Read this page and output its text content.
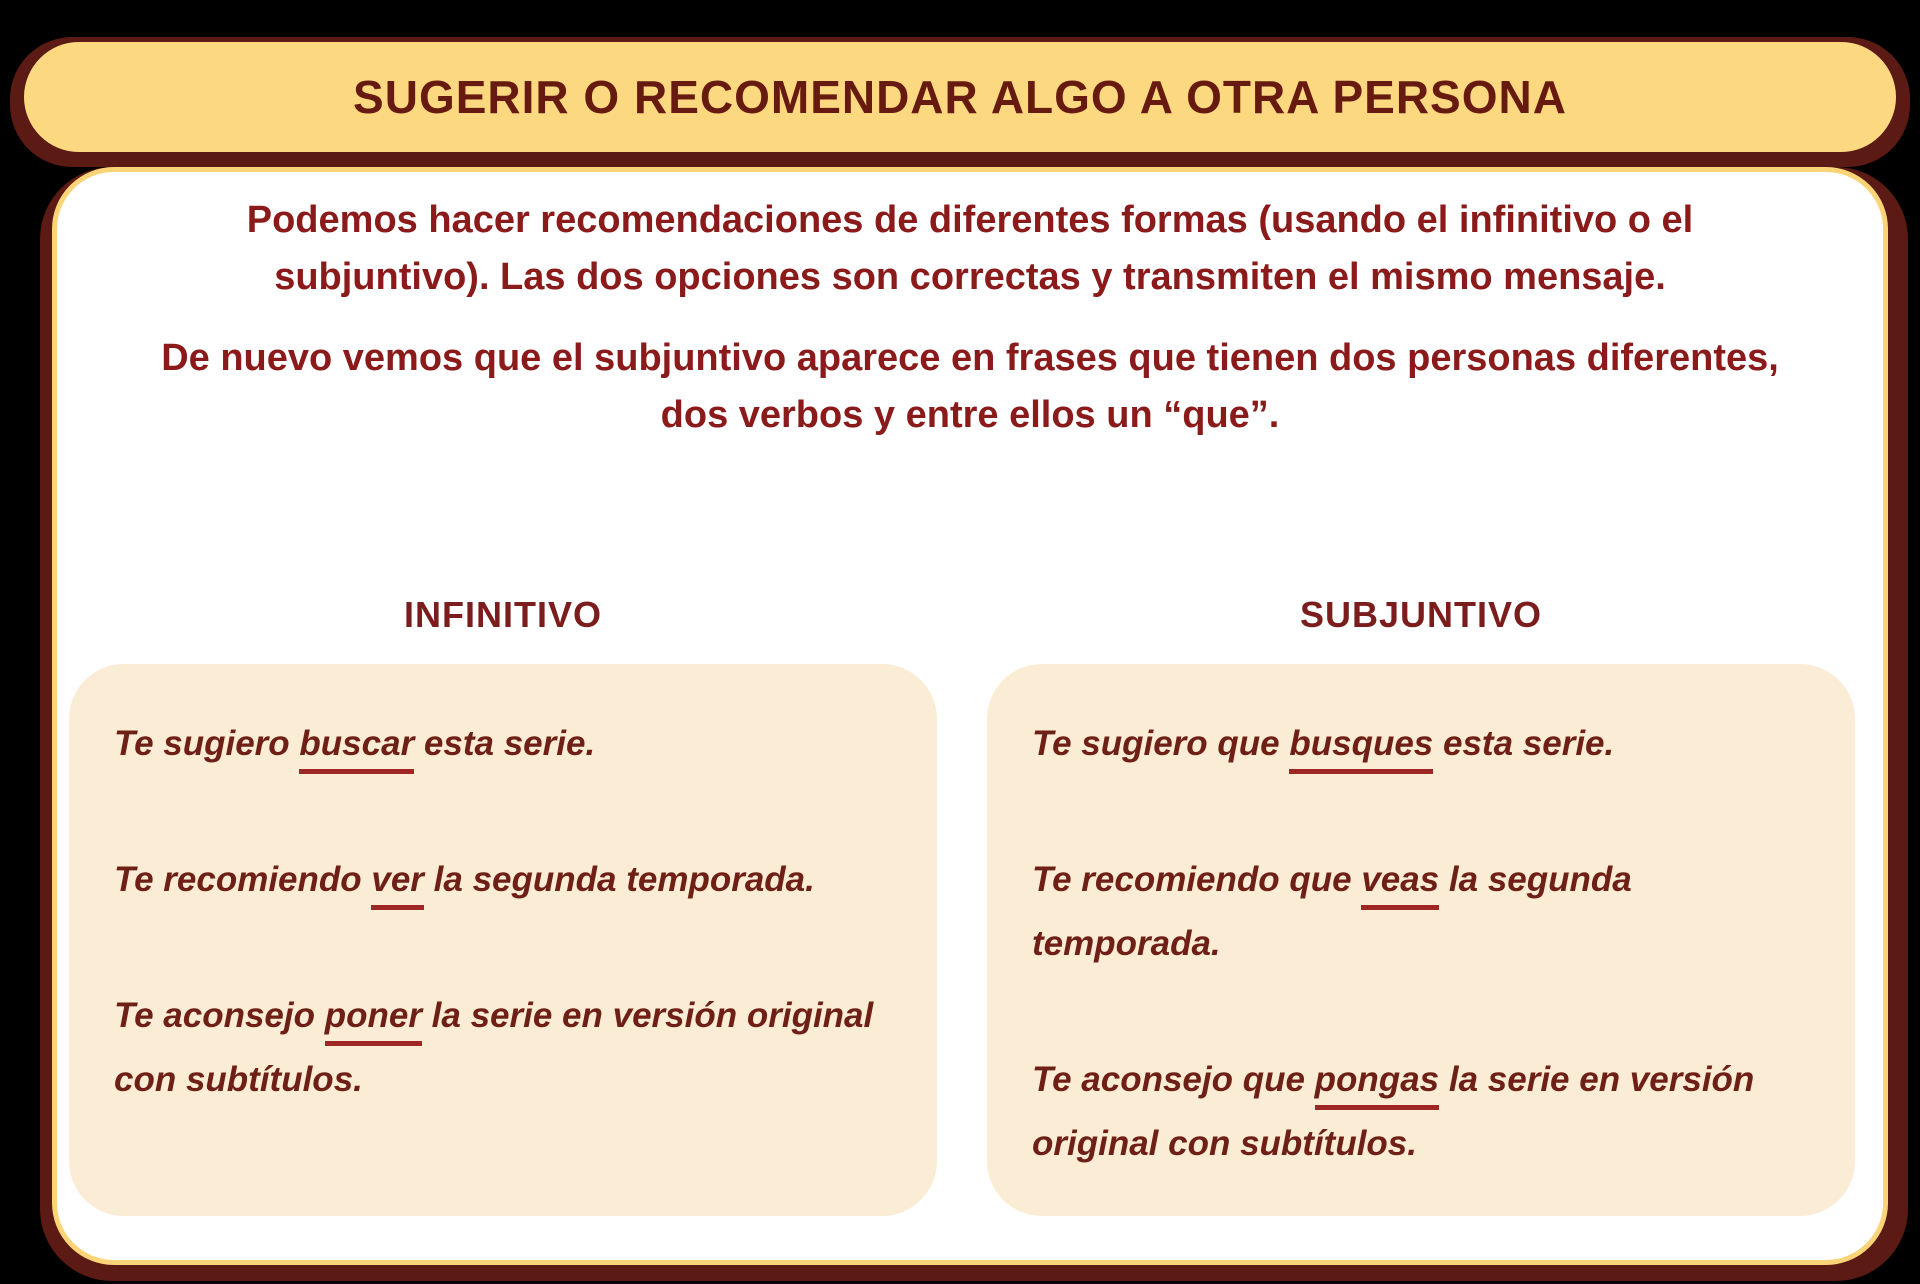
SUGERIR O RECOMENDAR ALGO A OTRA PERSONA

Podemos hacer recomendaciones de diferentes formas (usando el infinitivo o el subjuntivo). Las dos opciones son correctas y transmiten el mismo mensaje.

De nuevo vemos que el subjuntivo aparece en frases que tienen dos personas diferentes, dos verbos y entre ellos un “que”.

INFINITIVO

Te sugiero buscar esta serie.

Te recomiendo ver la segunda temporada.

Te aconsejo poner la serie en versión original con subtítulos.

SUBJUNTIVO

Te sugiero que busques esta serie.

Te recomiendo que veas la segunda temporada.

Te aconsejo que pongas la serie en versión original con subtítulos.
